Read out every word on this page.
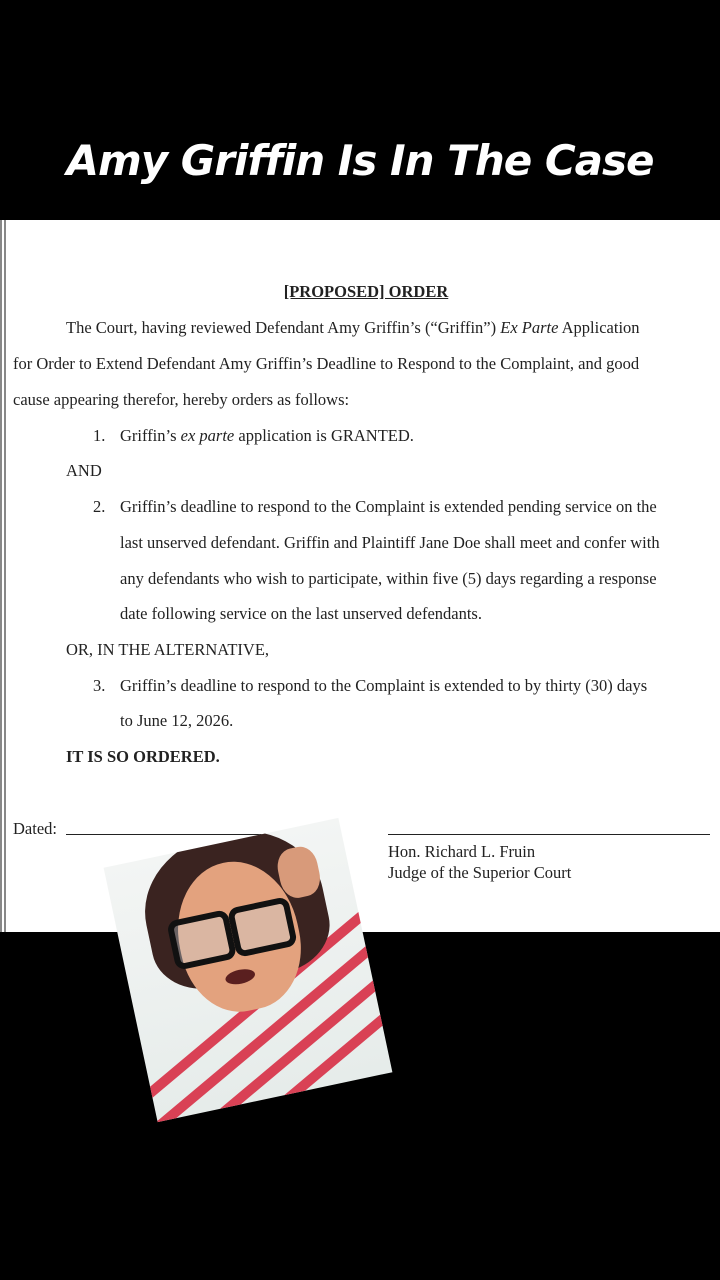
Amy Griffin Is In The Case
[PROPOSED] ORDER
The Court, having reviewed Defendant Amy Griffin’s (“Griffin”) Ex Parte Application
for Order to Extend Defendant Amy Griffin’s Deadline to Respond to the Complaint, and good
cause appearing therefor, hereby orders as follows:
1. Griffin’s ex parte application is GRANTED.
AND
2. Griffin’s deadline to respond to the Complaint is extended pending service on the
last unserved defendant. Griffin and Plaintiff Jane Doe shall meet and confer with
any defendants who wish to participate, within five (5) days regarding a response
date following service on the last unserved defendants.
OR, IN THE ALTERNATIVE,
3. Griffin’s deadline to respond to the Complaint is extended to by thirty (30) days
to June 12, 2026.
IT IS SO ORDERED.
Dated:
Hon. Richard L. Fruin
Judge of the Superior Court
